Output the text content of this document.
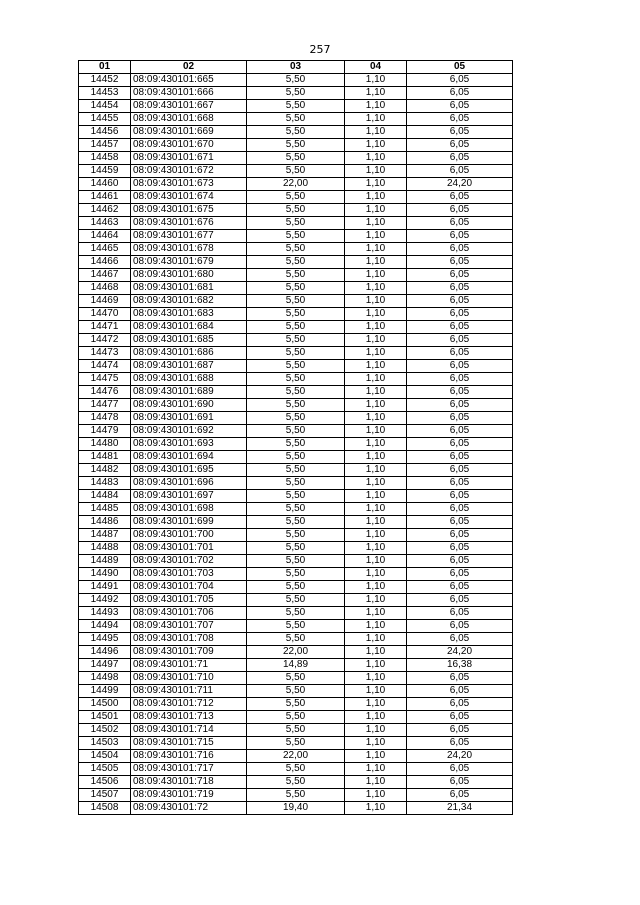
257
01	02	03	04	05
14452	08:09:430101:665	5,50	1,10	6,05
14453	08:09:430101:666	5,50	1,10	6,05
14454	08:09:430101:667	5,50	1,10	6,05
14455	08:09:430101:668	5,50	1,10	6,05
14456	08:09:430101:669	5,50	1,10	6,05
14457	08:09:430101:670	5,50	1,10	6,05
14458	08:09:430101:671	5,50	1,10	6,05
14459	08:09:430101:672	5,50	1,10	6,05
14460	08:09:430101:673	22,00	1,10	24,20
14461	08:09:430101:674	5,50	1,10	6,05
14462	08:09:430101:675	5,50	1,10	6,05
14463	08:09:430101:676	5,50	1,10	6,05
14464	08:09:430101:677	5,50	1,10	6,05
14465	08:09:430101:678	5,50	1,10	6,05
14466	08:09:430101:679	5,50	1,10	6,05
14467	08:09:430101:680	5,50	1,10	6,05
14468	08:09:430101:681	5,50	1,10	6,05
14469	08:09:430101:682	5,50	1,10	6,05
14470	08:09:430101:683	5,50	1,10	6,05
14471	08:09:430101:684	5,50	1,10	6,05
14472	08:09:430101:685	5,50	1,10	6,05
14473	08:09:430101:686	5,50	1,10	6,05
14474	08:09:430101:687	5,50	1,10	6,05
14475	08:09:430101:688	5,50	1,10	6,05
14476	08:09:430101:689	5,50	1,10	6,05
14477	08:09:430101:690	5,50	1,10	6,05
14478	08:09:430101:691	5,50	1,10	6,05
14479	08:09:430101:692	5,50	1,10	6,05
14480	08:09:430101:693	5,50	1,10	6,05
14481	08:09:430101:694	5,50	1,10	6,05
14482	08:09:430101:695	5,50	1,10	6,05
14483	08:09:430101:696	5,50	1,10	6,05
14484	08:09:430101:697	5,50	1,10	6,05
14485	08:09:430101:698	5,50	1,10	6,05
14486	08:09:430101:699	5,50	1,10	6,05
14487	08:09:430101:700	5,50	1,10	6,05
14488	08:09:430101:701	5,50	1,10	6,05
14489	08:09:430101:702	5,50	1,10	6,05
14490	08:09:430101:703	5,50	1,10	6,05
14491	08:09:430101:704	5,50	1,10	6,05
14492	08:09:430101:705	5,50	1,10	6,05
14493	08:09:430101:706	5,50	1,10	6,05
14494	08:09:430101:707	5,50	1,10	6,05
14495	08:09:430101:708	5,50	1,10	6,05
14496	08:09:430101:709	22,00	1,10	24,20
14497	08:09:430101:71	14,89	1,10	16,38
14498	08:09:430101:710	5,50	1,10	6,05
14499	08:09:430101:711	5,50	1,10	6,05
14500	08:09:430101:712	5,50	1,10	6,05
14501	08:09:430101:713	5,50	1,10	6,05
14502	08:09:430101:714	5,50	1,10	6,05
14503	08:09:430101:715	5,50	1,10	6,05
14504	08:09:430101:716	22,00	1,10	24,20
14505	08:09:430101:717	5,50	1,10	6,05
14506	08:09:430101:718	5,50	1,10	6,05
14507	08:09:430101:719	5,50	1,10	6,05
14508	08:09:430101:72	19,40	1,10	21,34
